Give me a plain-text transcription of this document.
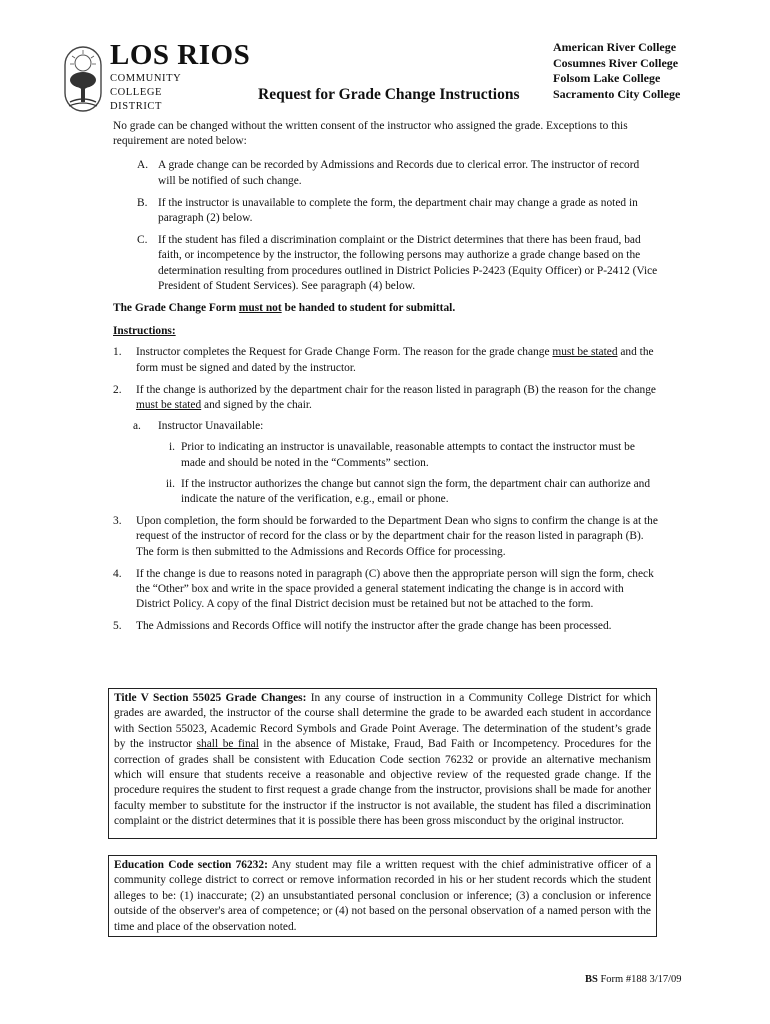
LOS RIOS
COMMUNITY
COLLEGE
DISTRICT
Request for Grade Change Instructions
American River College
Cosumnes River College
Folsom Lake College
Sacramento City College

No grade can be changed without the written consent of the instructor who assigned the grade. Exceptions to this requirement are noted below:

A. A grade change can be recorded by Admissions and Records due to clerical error. The instructor of record will be notified of such change.
B. If the instructor is unavailable to complete the form, the department chair may change a grade as noted in paragraph (2) below.
C. If the student has filed a discrimination complaint or the District determines that there has been fraud, bad faith, or incompetence by the instructor, the following persons may authorize a grade change based on the determination resulting from procedures outlined in District Policies P-2423 (Equity Officer) or P-2412 (Vice President of Student Services). See paragraph (4) below.

The Grade Change Form must not be handed to student for submittal.

Instructions:

1. Instructor completes the Request for Grade Change Form. The reason for the grade change must be stated and the form must be signed and dated by the instructor.
2. If the change is authorized by the department chair for the reason listed in paragraph (B) the reason for the change must be stated and signed by the chair.
a. Instructor Unavailable:
i. Prior to indicating an instructor is unavailable, reasonable attempts to contact the instructor must be made and should be noted in the “Comments” section.
ii. If the instructor authorizes the change but cannot sign the form, the department chair can authorize and indicate the nature of the verification, e.g., email or phone.
3. Upon completion, the form should be forwarded to the Department Dean who signs to confirm the change is at the request of the instructor of record for the class or by the department chair for the reason listed in paragraph (B). The form is then submitted to the Admissions and Records Office for processing.
4. If the change is due to reasons noted in paragraph (C) above then the appropriate person will sign the form, check the “Other” box and write in the space provided a general statement indicating the change is in accord with District Policy. A copy of the final District decision must be retained but not be attached to the form.
5. The Admissions and Records Office will notify the instructor after the grade change has been processed.
Title V Section 55025 Grade Changes: In any course of instruction in a Community College District for which grades are awarded, the instructor of the course shall determine the grade to be awarded each student in accordance with Section 55023, Academic Record Symbols and Grade Point Average. The determination of the student’s grade by the instructor shall be final in the absence of Mistake, Fraud, Bad Faith or Incompetency. Procedures for the correction of grades shall be consistent with Education Code section 76232 or provide an alternative mechanism which will ensure that students receive a reasonable and objective review of the requested grade change. If the procedure requires the student to first request a grade change from the instructor, provisions shall be made for another faculty member to substitute for the instructor if the instructor is not available, the student has filed a discrimination complaint or the district determines that it is possible there has been gross misconduct by the original instructor.
Education Code section 76232: Any student may file a written request with the chief administrative officer of a community college district to correct or remove information recorded in his or her student records which the student alleges to be: (1) inaccurate; (2) an unsubstantiated personal conclusion or inference; (3) a conclusion or inference outside of the observer's area of competence; or (4) not based on the personal observation of a named person with the time and place of the observation noted.
BS Form #188 3/17/09
